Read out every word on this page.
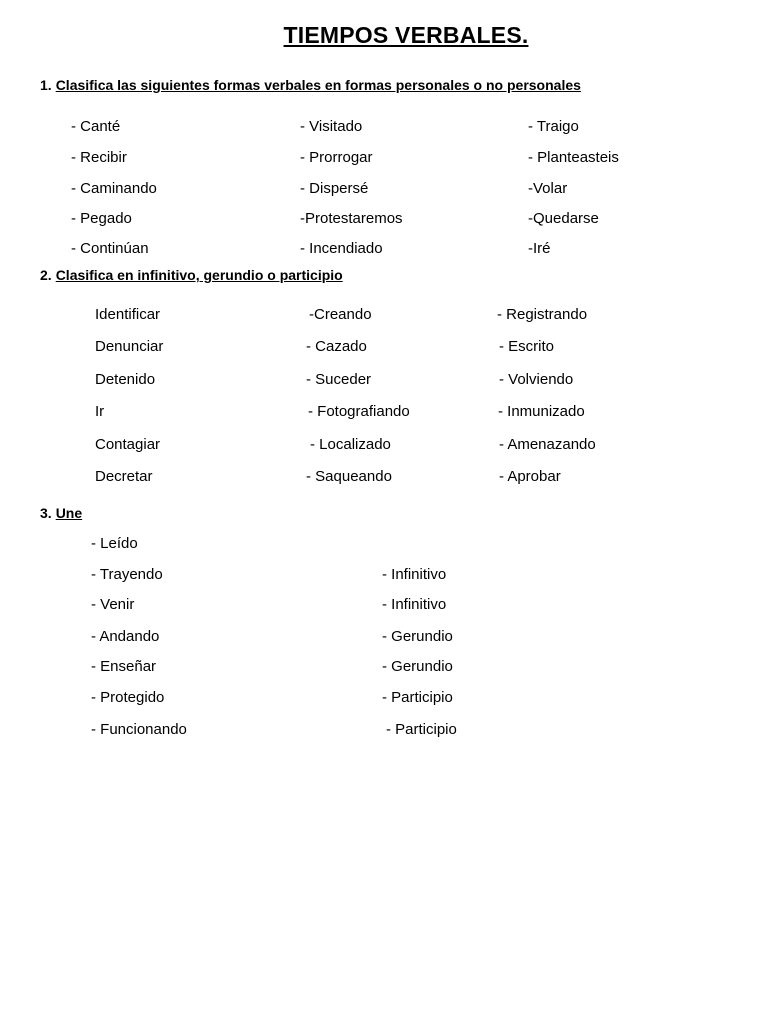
TIEMPOS VERBALES.
1. Clasifica las siguientes formas verbales en formas personales o no personales
- Canté
- Recibir
- Caminando
- Pegado
- Continúan
- Visitado
- Prorrogar
- Dispersé
-Protestaremos
- Incendiado
- Traigo
- Planteasteis
-Volar
-Quedarse
-Iré
2. Clasifica en infinitivo, gerundio o participio
Identificar
Denunciar
Detenido
Ir
Contagiar
Decretar
-Creando
- Cazado
- Suceder
- Fotografiando
- Localizado
- Saqueando
- Registrando
- Escrito
- Volviendo
- Inmunizado
- Amenazando
- Aprobar
3. Une
- Leído
- Trayendo
- Venir
- Andando
- Enseñar
- Protegido
- Funcionando
- Infinitivo
- Infinitivo
- Gerundio
- Gerundio
- Participio
- Participio
